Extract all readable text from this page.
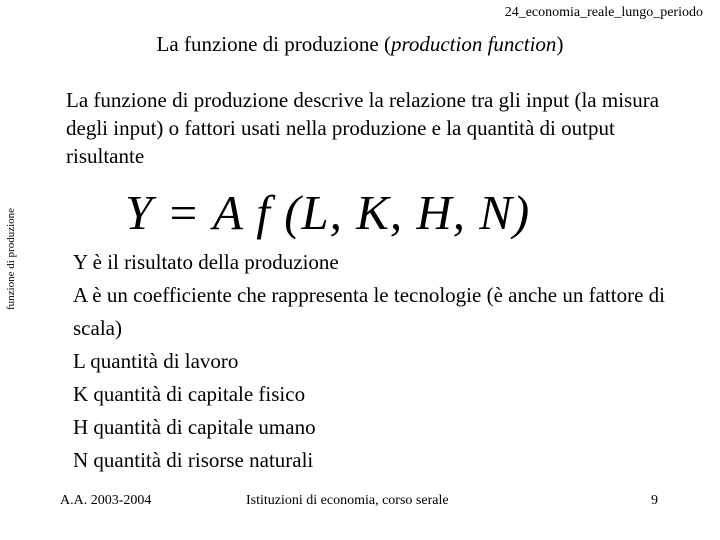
24_economia_reale_lungo_periodo
La funzione di produzione (production function)
funzione di produzione
La funzione di produzione descrive la relazione tra gli input (la misura degli input) o fattori usati nella produzione e la quantità di output risultante
Y = A f (L, K, H, N)
Y è il risultato della produzione
A è un coefficiente che rappresenta le tecnologie (è anche un fattore di scala)
L quantità di lavoro
K quantità di capitale fisico
H quantità di capitale umano
N quantità di risorse naturali
A.A. 2003-2004	Istituzioni di economia, corso serale	9
